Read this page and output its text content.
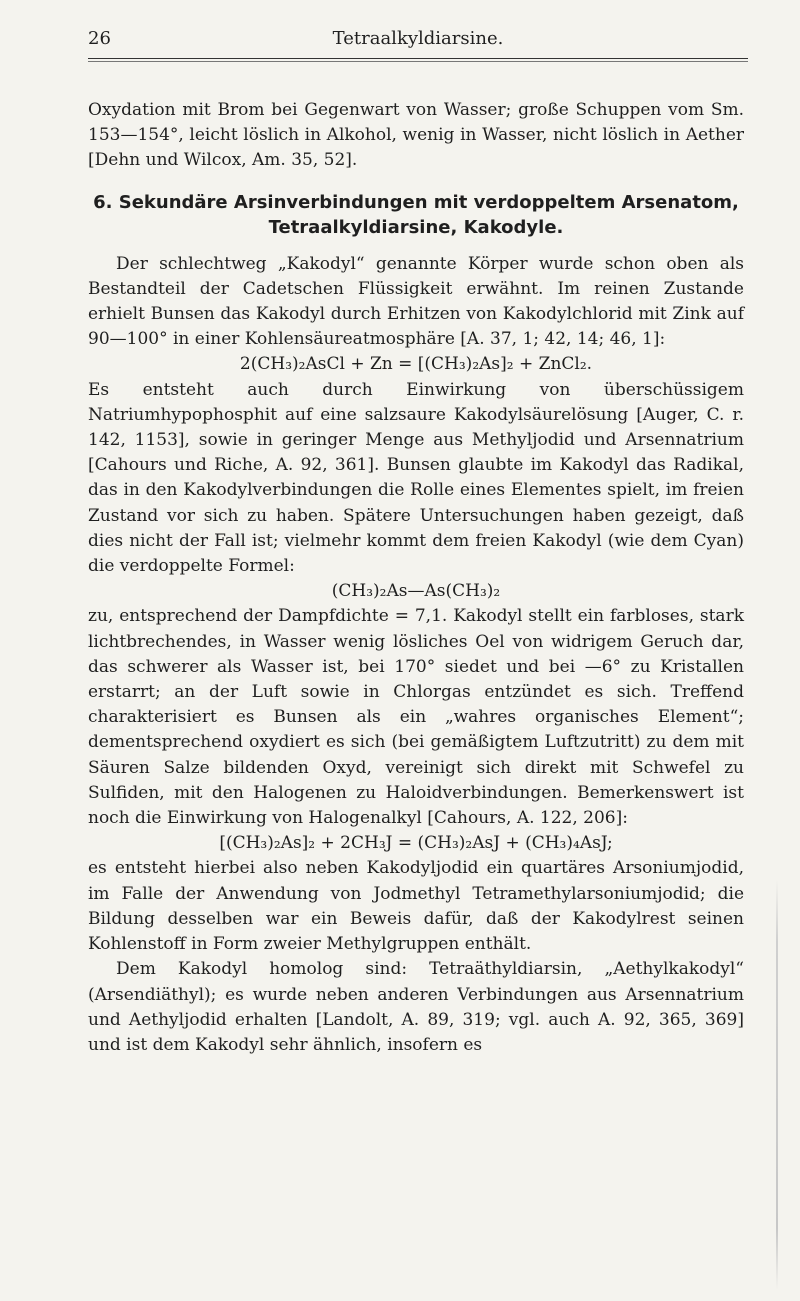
26	Tetraalkyldiarsine.

Oxydation mit Brom bei Gegenwart von Wasser; große Schuppen vom Sm. 153—154°, leicht löslich in Alkohol, wenig in Wasser, nicht löslich in Aether [Dehn und Wilcox, Am. 35, 52].

6. Sekundäre Arsinverbindungen mit verdoppeltem Arsenatom,
Tetraalkyldiarsine, Kakodyle.

Der schlechtweg „Kakodyl“ genannte Körper wurde schon oben als Bestandteil der Cadetschen Flüssigkeit erwähnt. Im reinen Zustande erhielt Bunsen das Kakodyl durch Erhitzen von Kakodylchlorid mit Zink auf 90—100° in einer Kohlensäureatmosphäre [A. 37, 1; 42, 14; 46, 1]:

2(CH₃)₂AsCl + Zn = [(CH₃)₂As]₂ + ZnCl₂.

Es entsteht auch durch Einwirkung von überschüssigem Natriumhypophosphit auf eine salzsaure Kakodylsäurelösung [Auger, C. r. 142, 1153], sowie in geringer Menge aus Methyljodid und Arsennatrium [Cahours und Riche, A. 92, 361]. Bunsen glaubte im Kakodyl das Radikal, das in den Kakodylverbindungen die Rolle eines Elementes spielt, im freien Zustand vor sich zu haben. Spätere Untersuchungen haben gezeigt, daß dies nicht der Fall ist; vielmehr kommt dem freien Kakodyl (wie dem Cyan) die verdoppelte Formel:

(CH₃)₂As—As(CH₃)₂

zu, entsprechend der Dampfdichte = 7,1. Kakodyl stellt ein farbloses, stark lichtbrechendes, in Wasser wenig lösliches Oel von widrigem Geruch dar, das schwerer als Wasser ist, bei 170° siedet und bei —6° zu Kristallen erstarrt; an der Luft sowie in Chlorgas entzündet es sich. Treffend charakterisiert es Bunsen als ein „wahres organisches Element“; dementsprechend oxydiert es sich (bei gemäßigtem Luftzutritt) zu dem mit Säuren Salze bildenden Oxyd, vereinigt sich direkt mit Schwefel zu Sulfiden, mit den Halogenen zu Haloidverbindungen. Bemerkenswert ist noch die Einwirkung von Halogenalkyl [Cahours, A. 122, 206]:

[(CH₃)₂As]₂ + 2CH₃J = (CH₃)₂AsJ + (CH₃)₄AsJ;

es entsteht hierbei also neben Kakodyljodid ein quartäres Arsoniumjodid, im Falle der Anwendung von Jodmethyl Tetramethylarsoniumjodid; die Bildung desselben war ein Beweis dafür, daß der Kakodylrest seinen Kohlenstoff in Form zweier Methylgruppen enthält.

Dem Kakodyl homolog sind: Tetraäthyldiarsin, „Aethylkakodyl“ (Arsendiäthyl); es wurde neben anderen Verbindungen aus Arsennatrium und Aethyljodid erhalten [Landolt, A. 89, 319; vgl. auch A. 92, 365, 369] und ist dem Kakodyl sehr ähnlich, insofern es
